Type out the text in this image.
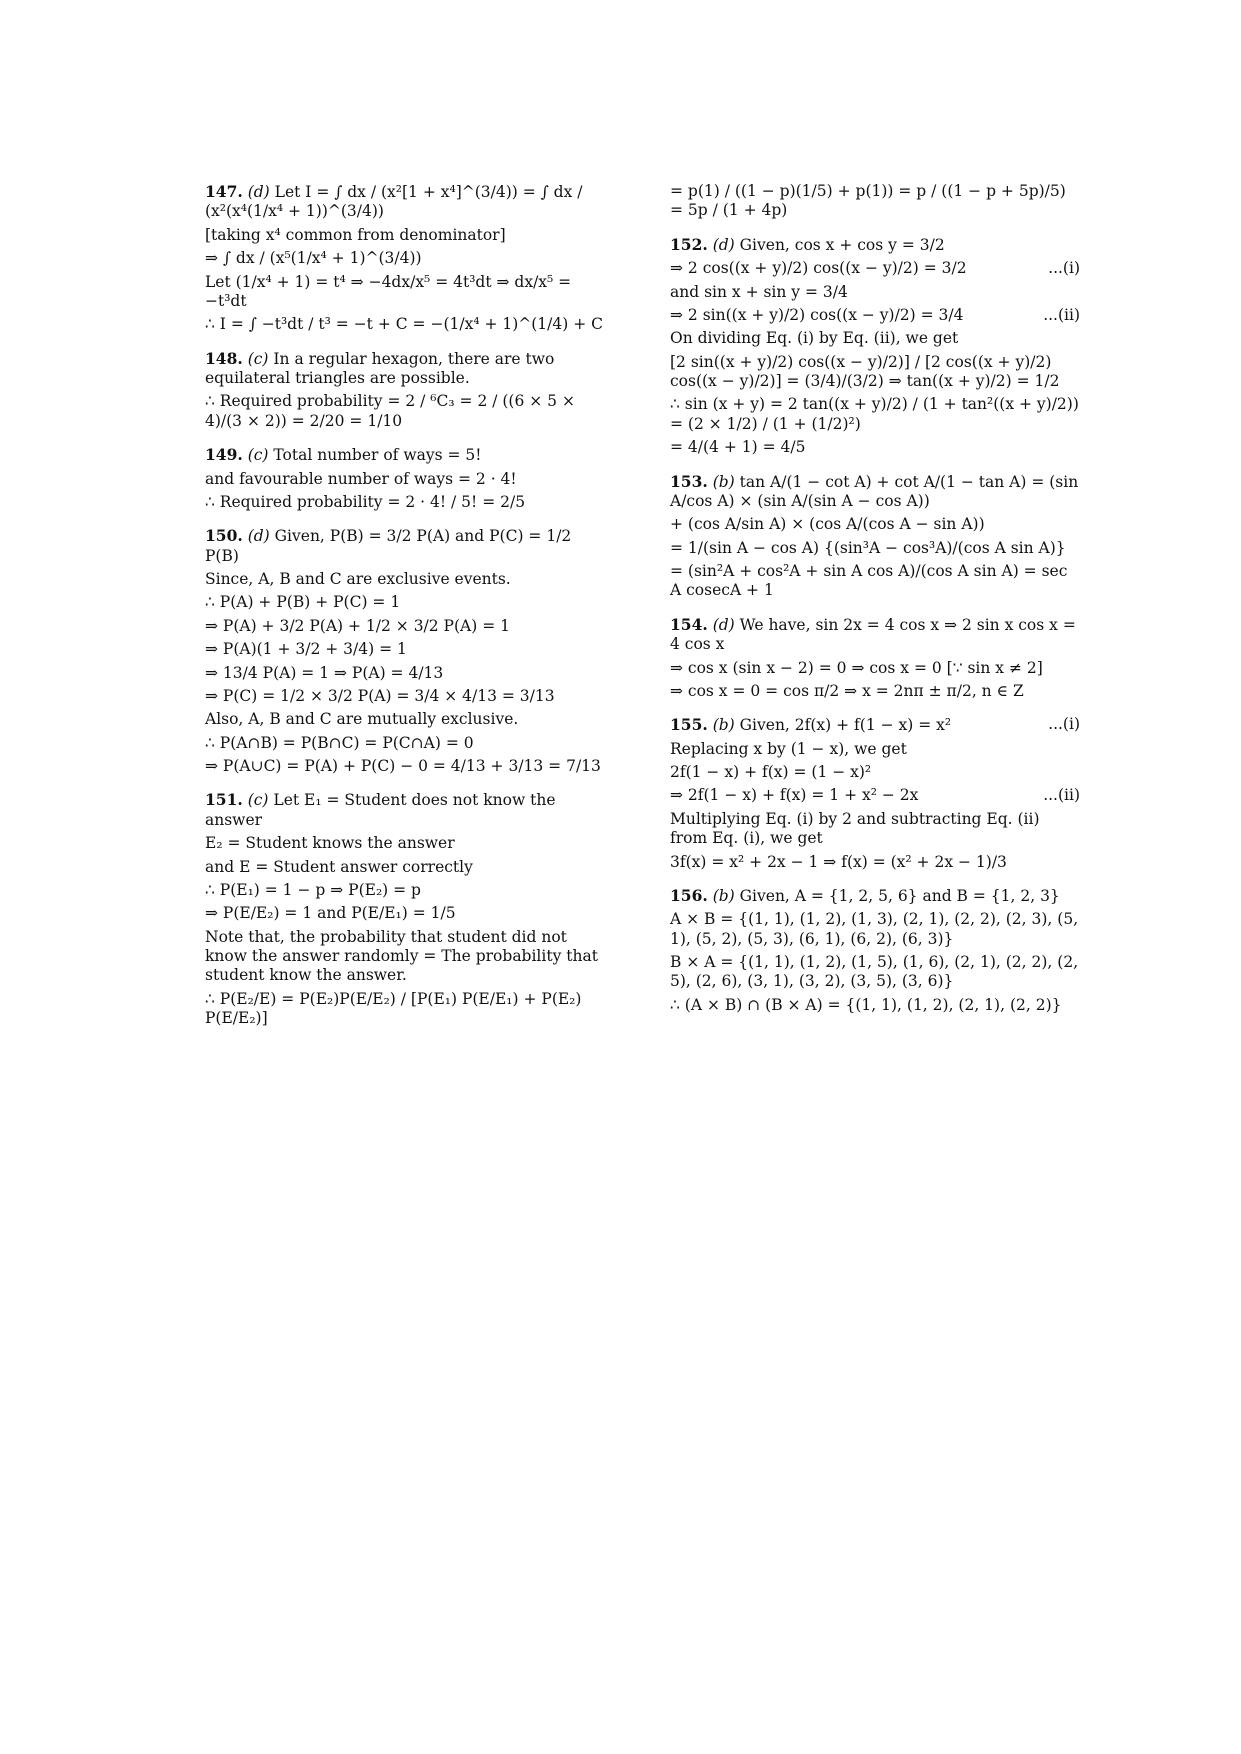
147. (d) Let I = ∫ dx / (x²[1 + x⁴]^(3/4)) = ∫ dx / (x²(x⁴(1/x⁴ + 1))^(3/4))
[taking x⁴ common from denominator]
⇒ ∫ dx / (x⁵(1/x⁴ + 1)^(3/4))
Let (1/x⁴ + 1) = t⁴ ⇒ −4dx/x⁵ = 4t³dt ⇒ dx/x⁵ = −t³dt
∴ I = ∫ −t³dt / t³ = −t + C = −(1/x⁴ + 1)^(1/4) + C
148. (c) In a regular hexagon, there are two equilateral triangles are possible.
∴ Required probability = 2 / ⁶C₃ = 2 / ((6 × 5 × 4)/(3 × 2)) = 2/20 = 1/10
149. (c) Total number of ways = 5!
and favourable number of ways = 2 · 4!
∴ Required probability = 2 · 4! / 5! = 2/5
150. (d) Given, P(B) = 3/2 P(A) and P(C) = 1/2 P(B)
Since, A, B and C are exclusive events.
∴ P(A) + P(B) + P(C) = 1
⇒ P(A) + 3/2 P(A) + 1/2 × 3/2 P(A) = 1
⇒ P(A)(1 + 3/2 + 3/4) = 1
⇒ 13/4 P(A) = 1 ⇒ P(A) = 4/13
⇒ P(C) = 1/2 × 3/2 P(A) = 3/4 × 4/13 = 3/13
Also, A, B and C are mutually exclusive.
∴ P(A∩B) = P(B∩C) = P(C∩A) = 0
⇒ P(A∪C) = P(A) + P(C) − 0 = 4/13 + 3/13 = 7/13
151. (c) Let E₁ = Student does not know the answer
E₂ = Student knows the answer
and E = Student answer correctly
∴ P(E₁) = 1 − p ⇒ P(E₂) = p
⇒ P(E/E₂) = 1 and P(E/E₁) = 1/5
Note that, the probability that student did not know the answer randomly = The probability that student know the answer.
∴ P(E₂/E) = P(E₂)P(E/E₂) / [P(E₁) P(E/E₁) + P(E₂) P(E/E₂)]
= p(1) / ((1 − p)(1/5) + p(1)) = p / ((1 − p + 5p)/5) = 5p / (1 + 4p)
152. (d) Given, cos x + cos y = 3/2
⇒ 2 cos((x + y)/2) cos((x − y)/2) = 3/2	...(i)
and sin x + sin y = 3/4
⇒ 2 sin((x + y)/2) cos((x − y)/2) = 3/4	...(ii)
On dividing Eq. (i) by Eq. (ii), we get
[2 sin((x + y)/2) cos((x − y)/2)] / [2 cos((x + y)/2) cos((x − y)/2)] = (3/4)/(3/2) ⇒ tan((x + y)/2) = 1/2
∴ sin (x + y) = 2 tan((x + y)/2) / (1 + tan²((x + y)/2)) = (2 × 1/2) / (1 + (1/2)²)
= 4/(4 + 1) = 4/5
153. (b) tan A/(1 − cot A) + cot A/(1 − tan A) = (sin A/cos A) × (sin A/(sin A − cos A))
+ (cos A/sin A) × (cos A/(cos A − sin A))
= 1/(sin A − cos A) {(sin³A − cos³A)/(cos A sin A)}
= (sin²A + cos²A + sin A cos A)/(cos A sin A) = sec A cosecA + 1
154. (d) We have, sin 2x = 4 cos x ⇒ 2 sin x cos x = 4 cos x
⇒ cos x (sin x − 2) = 0 ⇒ cos x = 0 [∵ sin x ≠ 2]
⇒ cos x = 0 = cos π/2 ⇒ x = 2nπ ± π/2, n ∈ Z
155. (b) Given, 2f(x) + f(1 − x) = x²	...(i)
Replacing x by (1 − x), we get
2f(1 − x) + f(x) = (1 − x)²
⇒ 2f(1 − x) + f(x) = 1 + x² − 2x	...(ii)
Multiplying Eq. (i) by 2 and subtracting Eq. (ii) from Eq. (i), we get
3f(x) = x² + 2x − 1 ⇒ f(x) = (x² + 2x − 1)/3
156. (b) Given, A = {1, 2, 5, 6} and B = {1, 2, 3}
A × B = {(1, 1), (1, 2), (1, 3), (2, 1), (2, 2), (2, 3), (5, 1), (5, 2), (5, 3), (6, 1), (6, 2), (6, 3)}
B × A = {(1, 1), (1, 2), (1, 5), (1, 6), (2, 1), (2, 2), (2, 5), (2, 6), (3, 1), (3, 2), (3, 5), (3, 6)}
∴ (A × B) ∩ (B × A) = {(1, 1), (1, 2), (2, 1), (2, 2)}
